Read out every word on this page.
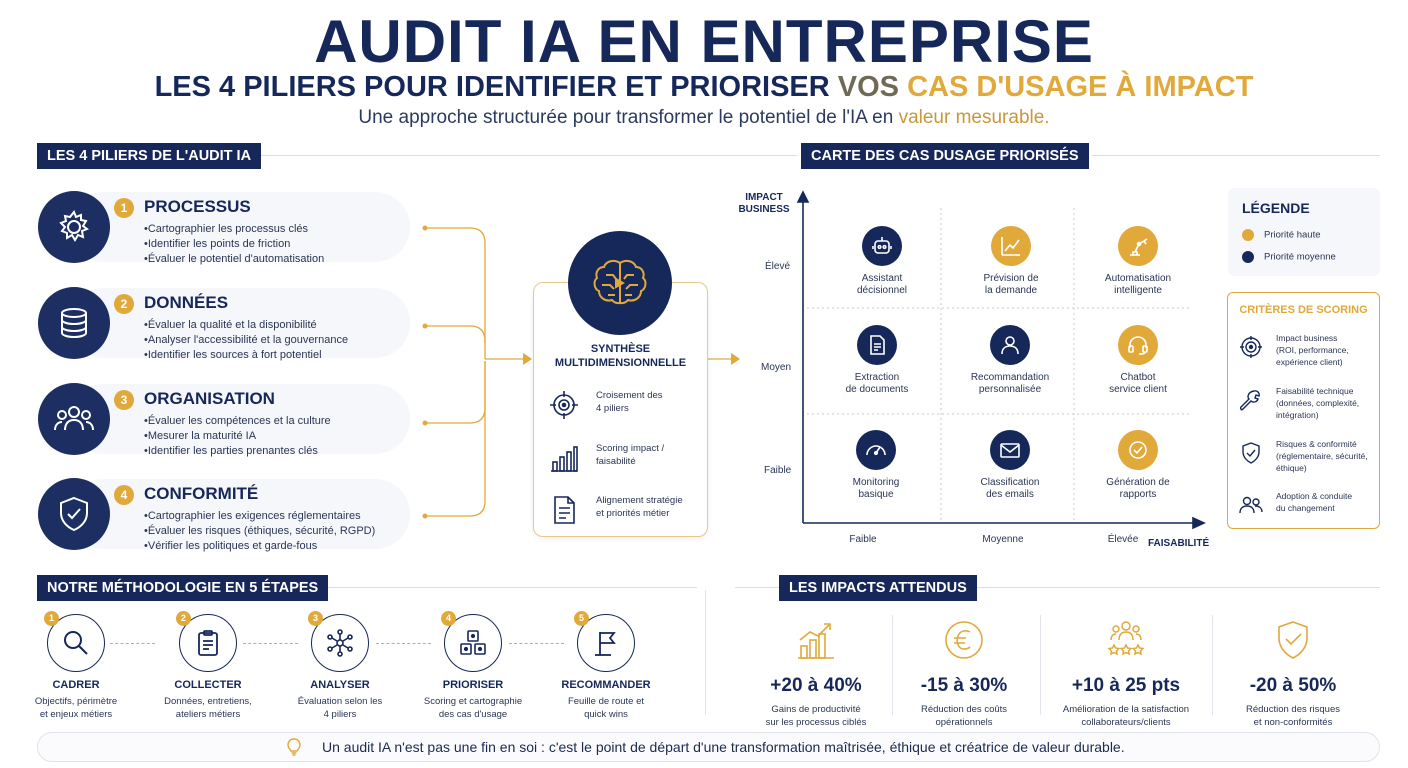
AUDIT IA EN ENTREPRISE
LES 4 PILIERS POUR IDENTIFIER ET PRIORISER VOS CAS D'USAGE À IMPACT
Une approche structurée pour transformer le potentiel de l'IA en valeur mesurable.
LES 4 PILIERS DE L'AUDIT IA
1 PROCESSUS
• Cartographier les processus clés
• Identifier les points de friction
• Évaluer le potentiel d'automatisation
2 DONNÉES
• Évaluer la qualité et la disponibilité
• Analyser l'accessibilité et la gouvernance
• Identifier les sources à fort potentiel
3 ORGANISATION
• Évaluer les compétences et la culture
• Mesurer la maturité IA
• Identifier les parties prenantes clés
4 CONFORMITÉ
• Cartographier les exigences réglementaires
• Évaluer les risques (éthiques, sécurité, RGPD)
• Vérifier les politiques et garde-fous
SYNTHÈSE
MULTIDIMENSIONNELLE
Croisement des
4 piliers
Scoring impact /
faisabilité
Alignement stratégie
et priorités métier
CARTE DES CAS DUSAGE PRIORISÉS
IMPACT
BUSINESS
FAISABILITÉ
Élevé
Moyen
Faible
Faible	Moyenne	Élevée
Assistant
décisionnel
Prévision de
la demande
Automatisation
intelligente
Extraction
de documents
Recommandation
personnalisée
Chatbot
service client
Monitoring
basique
Classification
des emails
Génération de
rapports
LÉGENDE
Priorité haute
Priorité moyenne
CRITÈRES DE SCORING
Impact business
(ROI, performance,
expérience client)
Faisabilité technique
(données, complexité,
intégration)
Risques & conformité
(réglementaire, sécurité,
éthique)
Adoption & conduite
du changement
NOTRE MÉTHODOLOGIE EN 5 ÉTAPES
1
CADRER
Objectifs, périmètre
et enjeux métiers
2
COLLECTER
Données, entretiens,
ateliers métiers
3
ANALYSER
Évaluation selon les
4 piliers
4
PRIORISER
Scoring et cartographie
des cas d'usage
5
RECOMMANDER
Feuille de route et
quick wins
LES IMPACTS ATTENDUS
+20 à 40%
Gains de productivité
sur les processus ciblés
-15 à 30%
Réduction des coûts
opérationnels
+10 à 25 pts
Amélioration de la satisfaction
collaborateurs/clients
-20 à 50%
Réduction des risques
et non-conformités
Un audit IA n'est pas une fin en soi : c'est le point de départ d'une transformation maîtrisée, éthique et créatrice de valeur durable.
